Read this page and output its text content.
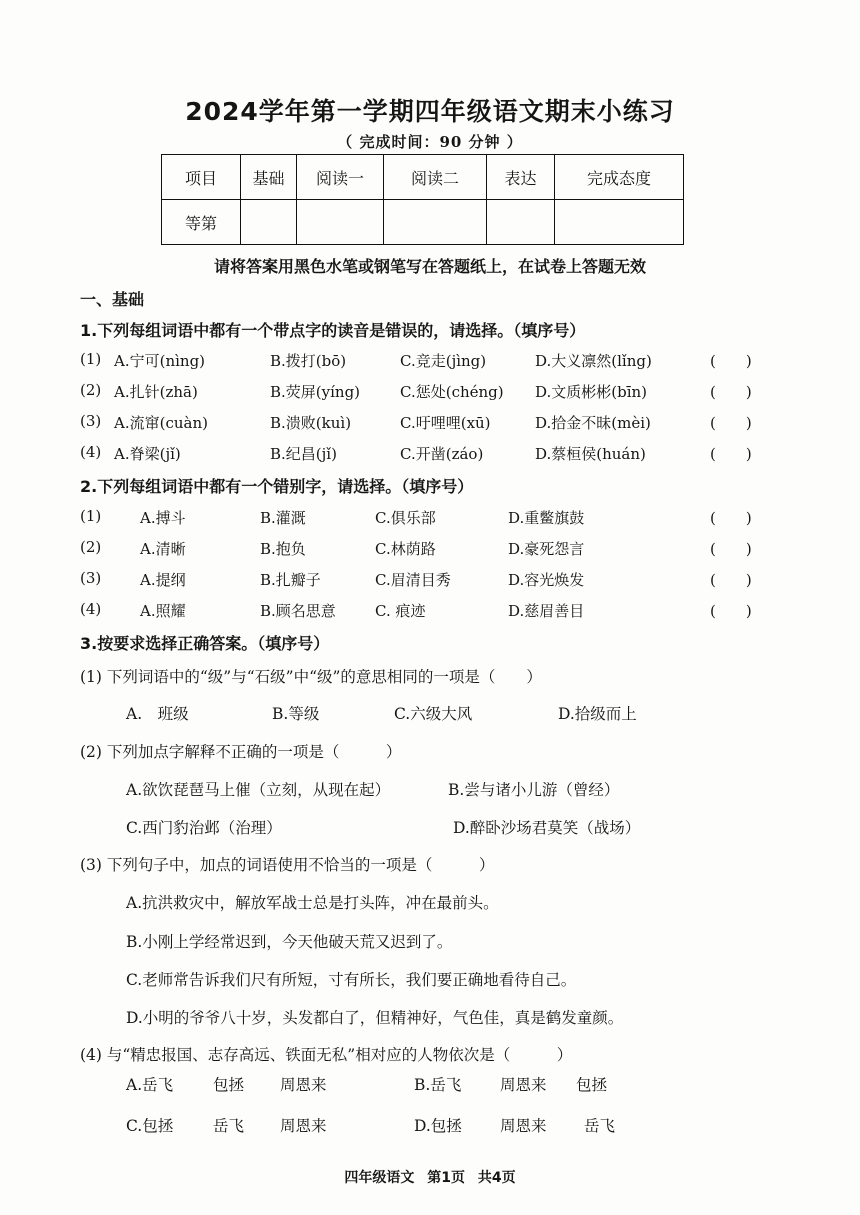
2024学年第一学期四年级语文期末小练习
（ 完成时间：90 分钟 ）
项目	基础	阅读一	阅读二	表达	完成态度
等第					
请将答案用黑色水笔或钢笔写在答题纸上，在试卷上答题无效
一、基础
1.下列每组词语中都有一个带点字的读音是错误的，请选择。（填序号）
(1) A.宁可(nìng)	B.拨打(bō)	C.竞走(jìng)	D.大义凛然(lǐng)	(　　)
(2) A.扎针(zhā)	B.荧屏(yíng)	C.惩处(chéng) D.文质彬彬(bīn)	(　　)
(3) A.流窜(cuàn)	B.溃败(kuì)	C.吁哩哩(xū)	D.拾金不昧(mèi)	(　　)
(4) A.脊梁(jǐ)	B.纪昌(jǐ)	C.开凿(záo)	D.蔡桓侯(huán)	(　　)
2.下列每组词语中都有一个错别字，请选择。（填序号）
(1)	A.搏斗	B.灌溉	C.俱乐部	D.重鳖旗鼓	(　　)
(2)	A.清晰	B.抱负	C.林荫路	D.豪死怨言	(　　)
(3)	A.提纲	B.扎瓣子	C.眉清目秀	D.容光焕发	(　　)
(4)	A.照耀	B.顾名思意	C. 痕迹	D.慈眉善目	(　　)
3.按要求选择正确答案。（填序号）
(1) 下列词语中的“级”与“石级”中“级”的意思相同的一项是（　　）
A.　班级	B.等级	C.六级大风	D.拾级而上
(2) 下列加点字解释不正确的一项是（　　　）
A.欲饮琵琶马上催（立刻，从现在起）	B.尝与诸小儿游（曾经）
C.西门豹治邺（治理）	D.醉卧沙场君莫笑（战场）
(3) 下列句子中，加点的词语使用不恰当的一项是（　　　）
A.抗洪救灾中，解放军战士总是打头阵，冲在最前头。
B.小刚上学经常迟到，今天他破天荒又迟到了。
C.老师常告诉我们尺有所短，寸有所长，我们要正确地看待自己。
D.小明的爷爷八十岁，头发都白了，但精神好，气色佳，真是鹤发童颜。
(4) 与“精忠报国、志存高远、铁面无私”相对应的人物依次是（　　　）
A.岳飞	包拯 周恩来	B.岳飞 周恩来 包拯
C.包拯	岳飞 周恩来	D.包拯 周恩来 岳飞
四年级语文 第1页 共4页
